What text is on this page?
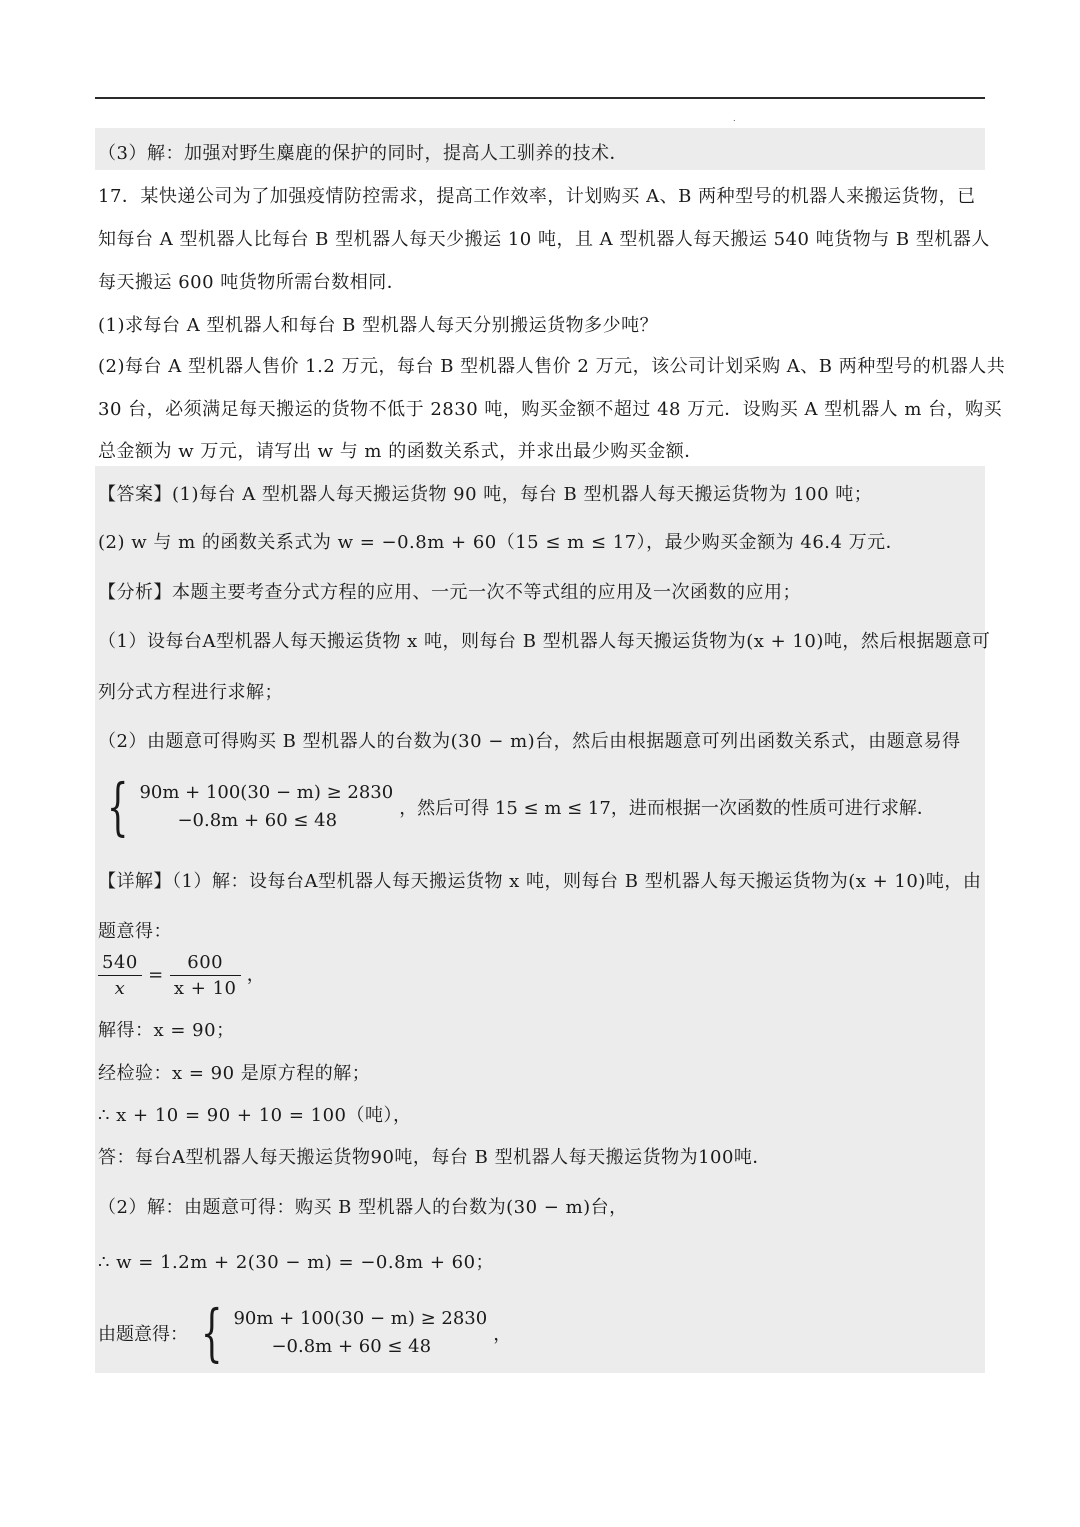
.
（3）解：加强对野生麋鹿的保护的同时，提高人工驯养的技术．
17．某快递公司为了加强疫情防控需求，提高工作效率，计划购买 A、B 两种型号的机器人来搬运货物，已
知每台 A 型机器人比每台 B 型机器人每天少搬运 10 吨，且 A 型机器人每天搬运 540 吨货物与 B 型机器人
每天搬运 600 吨货物所需台数相同．
(1)求每台 A 型机器人和每台 B 型机器人每天分别搬运货物多少吨？
(2)每台 A 型机器人售价 1.2 万元，每台 B 型机器人售价 2 万元，该公司计划采购 A、B 两种型号的机器人共
30 台，必须满足每天搬运的货物不低于 2830 吨，购买金额不超过 48 万元．设购买 A 型机器人 m 台，购买
总金额为 w 万元，请写出 w 与 m 的函数关系式，并求出最少购买金额．
【答案】(1)每台 A 型机器人每天搬运货物 90 吨，每台 B 型机器人每天搬运货物为 100 吨；
(2) w 与 m 的函数关系式为 w = −0.8m + 60（15 ≤ m ≤ 17），最少购买金额为 46.4 万元．
【分析】本题主要考查分式方程的应用、一元一次不等式组的应用及一次函数的应用；
（1）设每台A型机器人每天搬运货物 x 吨，则每台 B 型机器人每天搬运货物为(x + 10)吨，然后根据题意可
列分式方程进行求解；
（2）由题意可得购买 B 型机器人的台数为(30 − m)台，然后由根据题意可列出函数关系式，由题意易得
{ 90m + 100(30 − m) ≥ 2830
−0.8m + 60 ≤ 48
，然后可得 15 ≤ m ≤ 17，进而根据一次函数的性质可进行求解．
【详解】（1）解：设每台A型机器人每天搬运货物 x 吨，则每台 B 型机器人每天搬运货物为(x + 10)吨，由
题意得：
$\frac{540}{x} = \frac{600}{x + 10}$ ，
解得：x = 90；
经检验：x = 90 是原方程的解；
∴ x + 10 = 90 + 10 = 100（吨），
答：每台A型机器人每天搬运货物90吨，每台 B 型机器人每天搬运货物为100吨．
（2）解：由题意可得：购买 B 型机器人的台数为(30 − m)台，
∴ w = 1.2m + 2(30 − m) = −0.8m + 60；
由题意得： { 90m + 100(30 − m) ≥ 2830
−0.8m + 60 ≤ 48
，
